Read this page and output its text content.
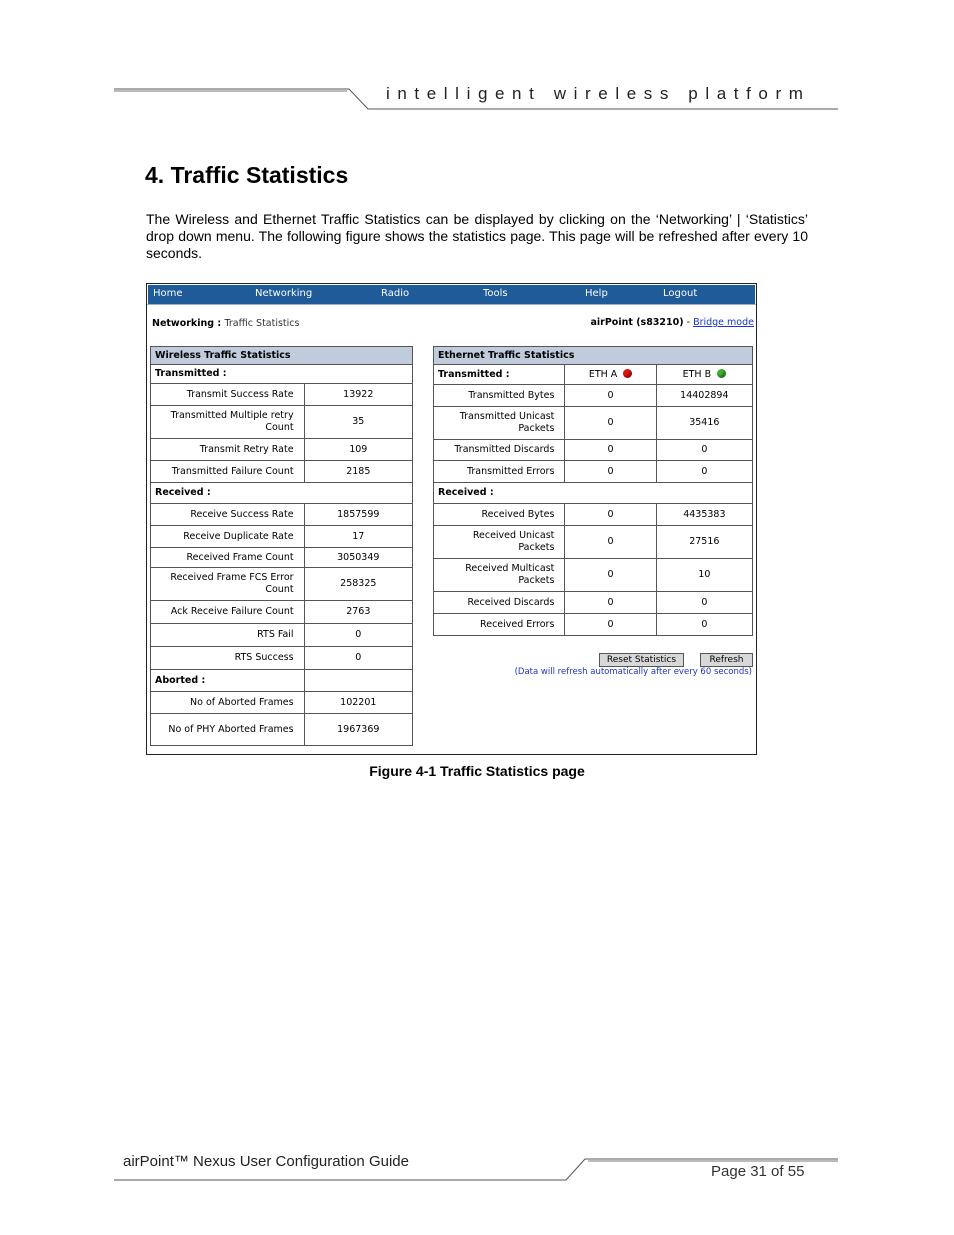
intelligent wireless platform
4. Traffic Statistics

The Wireless and Ethernet Traffic Statistics can be displayed by clicking on the ‘Networking’ | ‘Statistics’ drop down menu. The following figure shows the statistics page. This page will be refreshed after every 10 seconds.

Home	Networking	Radio	Tools	Help	Logout
Networking : Traffic Statistics	airPoint (s83210) - Bridge mode
Wireless Traffic Statistics	
Transmitted :	
Transmit Success Rate	13922
Transmitted Multiple retry Count	35
Transmit Retry Rate	109
Transmitted Failure Count	2185
Received :	
Receive Success Rate	1857599
Receive Duplicate Rate	17
Received Frame Count	3050349
Received Frame FCS Error Count	258325
Ack Receive Failure Count	2763
RTS Fail	0
RTS Success	0
Aborted :	
No of Aborted Frames	102201
No of PHY Aborted Frames	1967369
Ethernet Traffic Statistics		
Transmitted :	ETH A	ETH B
Transmitted Bytes	0	14402894
Transmitted Unicast Packets	0	35416
Transmitted Discards	0	0
Transmitted Errors	0	0
Received :		
Received Bytes	0	4435383
Received Unicast Packets	0	27516
Received Multicast Packets	0	10
Received Discards	0	0
Received Errors	0	0
Reset Statistics	Refresh
(Data will refresh automatically after every 60 seconds)

Figure 4-1 Traffic Statistics page

airPoint™ Nexus User Configuration Guide
Page 31 of 55
